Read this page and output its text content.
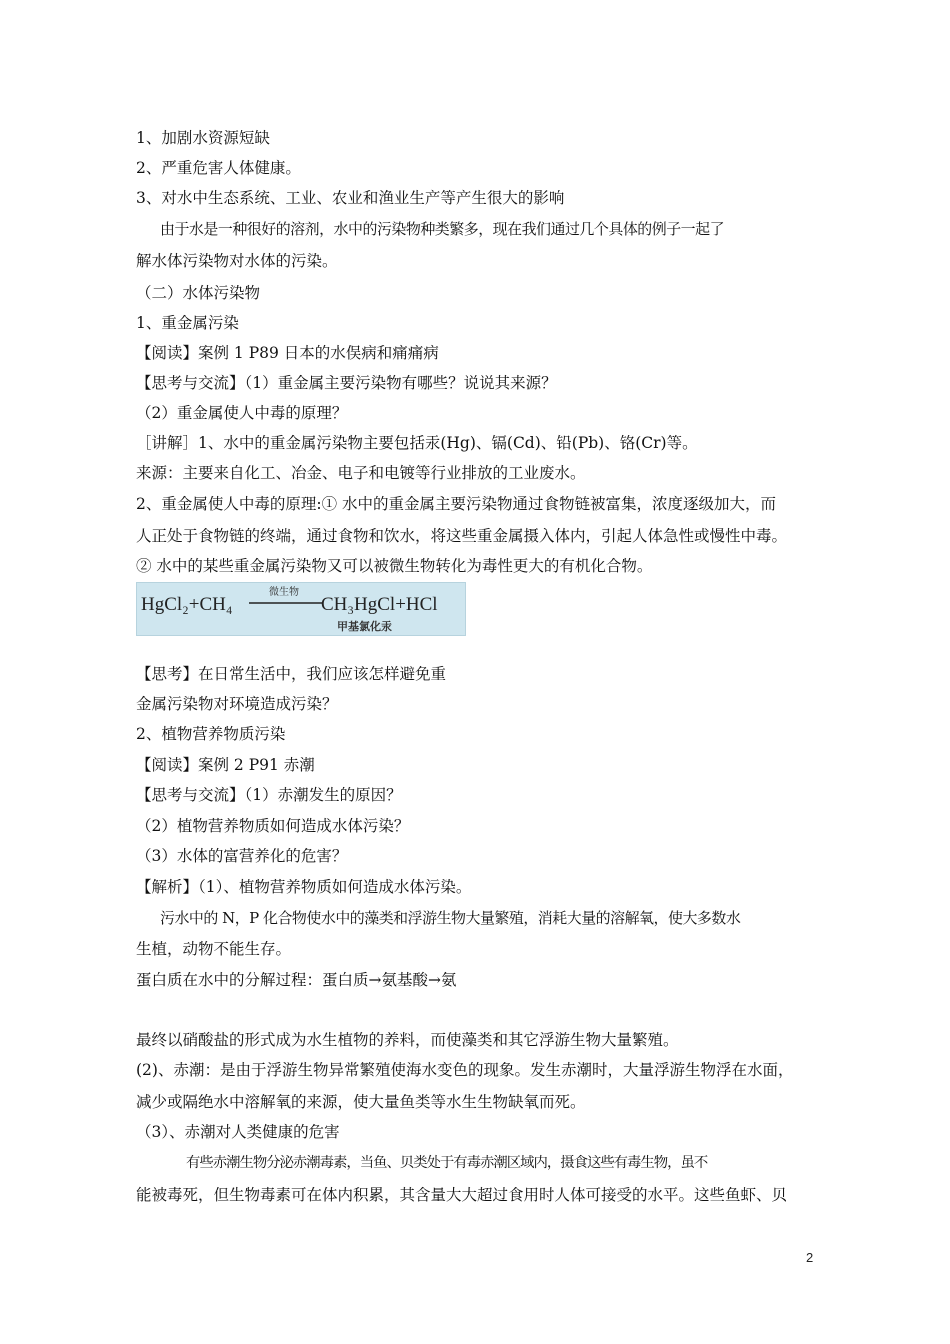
1、加剧水资源短缺
2、严重危害人体健康。
3、对水中生态系统、工业、农业和渔业生产等产生很大的影响
由于水是一种很好的溶剂，水中的污染物种类繁多，现在我们通过几个具体的例子一起了
解水体污染物对水体的污染。
（二）水体污染物
1、重金属污染
【阅读】案例 1 P89 日本的水俣病和痛痛病
【思考与交流】（1）重金属主要污染物有哪些？说说其来源？
（2）重金属使人中毒的原理？
［讲解］1、水中的重金属污染物主要包括汞(Hg)、镉(Cd)、铅(Pb)、铬(Cr)等。
来源：主要来自化工、冶金、电子和电镀等行业排放的工业废水。
2、重金属使人中毒的原理:① 水中的重金属主要污染物通过食物链被富集，浓度逐级加大，而
人正处于食物链的终端，通过食物和饮水，将这些重金属摄入体内，引起人体急性或慢性中毒。
② 水中的某些重金属污染物又可以被微生物转化为毒性更大的有机化合物。
HgCl₂+CH₄
微生物
CH₃HgCl+HCl
甲基氯化汞
【思考】在日常生活中，我们应该怎样避免重
金属污染物对环境造成污染？
2、植物营养物质污染
【阅读】案例 2 P91 赤潮
【思考与交流】（1）赤潮发生的原因？
（2）植物营养物质如何造成水体污染？
（3）水体的富营养化的危害？
【解析】（1）、植物营养物质如何造成水体污染。
污水中的 N，P 化合物使水中的藻类和浮游生物大量繁殖，消耗大量的溶解氧，使大多数水
生植，动物不能生存。
蛋白质在水中的分解过程：蛋白质→氨基酸→氨
最终以硝酸盐的形式成为水生植物的养料，而使藻类和其它浮游生物大量繁殖。
(2)、赤潮：是由于浮游生物异常繁殖使海水变色的现象。发生赤潮时，大量浮游生物浮在水面，
减少或隔绝水中溶解氧的来源，使大量鱼类等水生生物缺氧而死。
（3）、赤潮对人类健康的危害
有些赤潮生物分泌赤潮毒素，当鱼、贝类处于有毒赤潮区域内，摄食这些有毒生物，虽不
能被毒死，但生物毒素可在体内积累，其含量大大超过食用时人体可接受的水平。这些鱼虾、贝
2
